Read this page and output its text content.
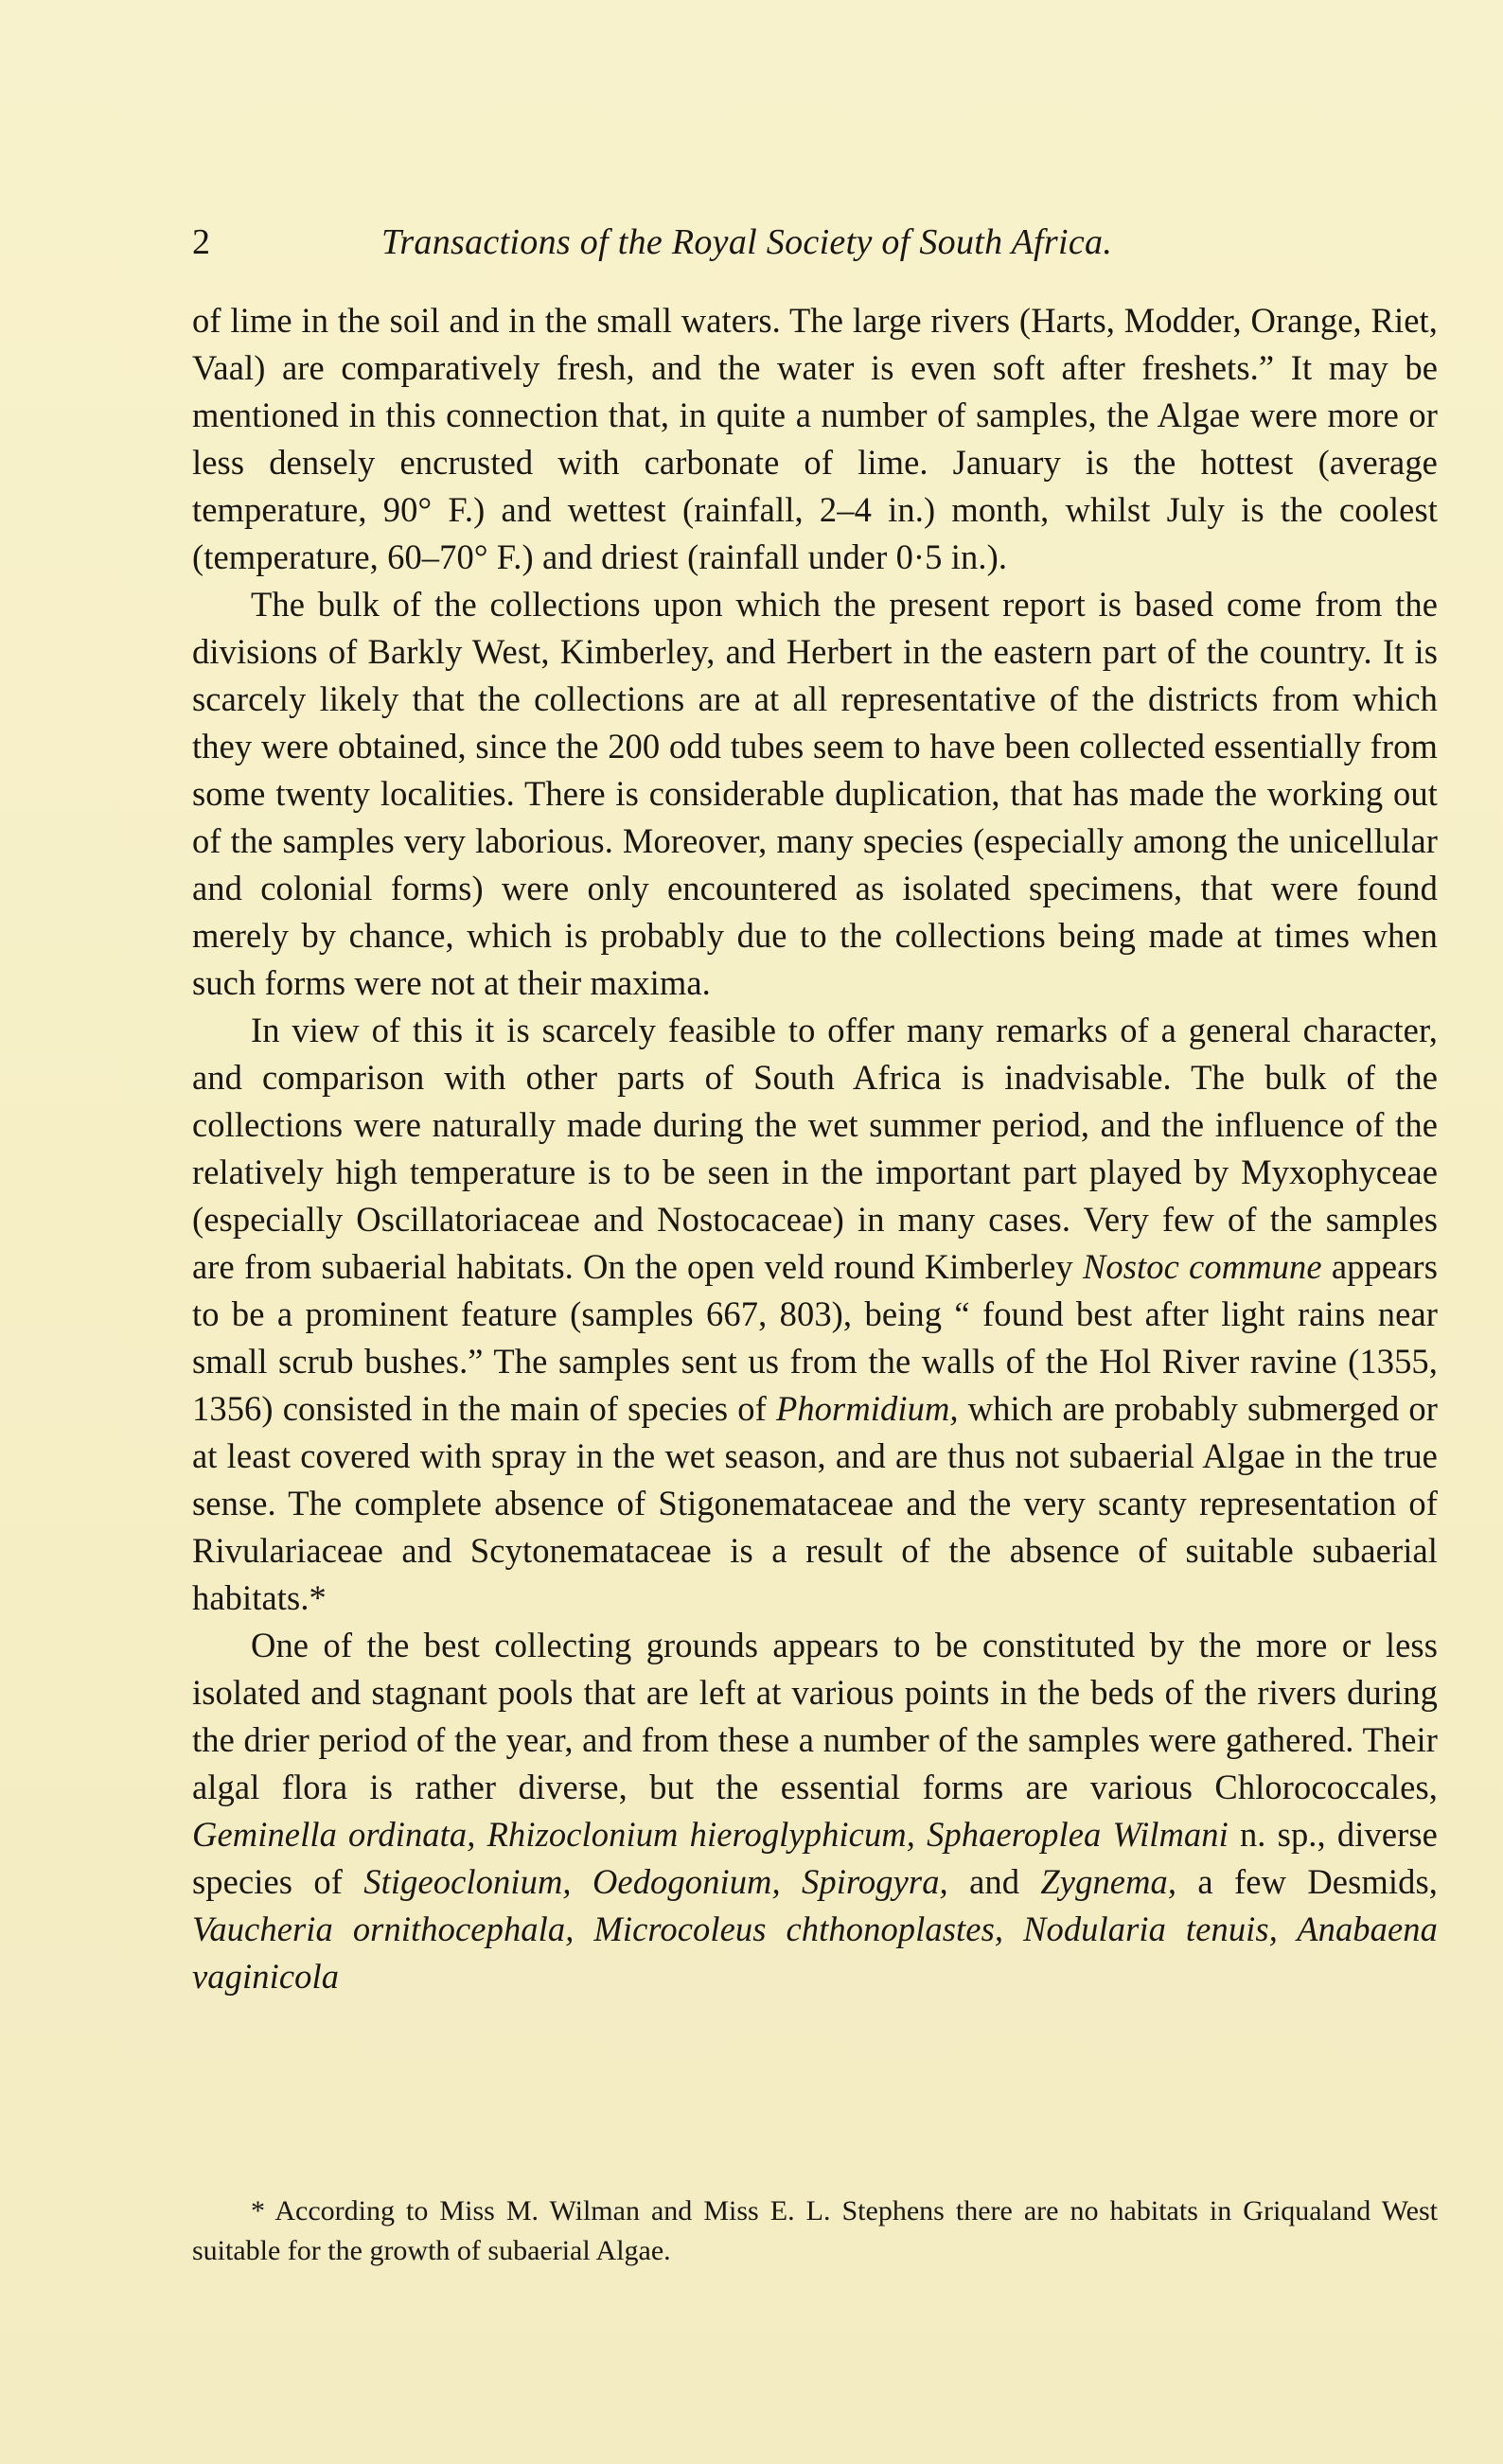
2	Transactions of the Royal Society of South Africa.

of lime in the soil and in the small waters. The large rivers (Harts, Modder, Orange, Riet, Vaal) are comparatively fresh, and the water is even soft after freshets.” It may be mentioned in this connection that, in quite a number of samples, the Algae were more or less densely encrusted with carbonate of lime. January is the hottest (average temperature, 90° F.) and wettest (rainfall, 2–4 in.) month, whilst July is the coolest (temperature, 60–70° F.) and driest (rainfall under 0·5 in.).

The bulk of the collections upon which the present report is based come from the divisions of Barkly West, Kimberley, and Herbert in the eastern part of the country. It is scarcely likely that the collections are at all representative of the districts from which they were obtained, since the 200 odd tubes seem to have been collected essentially from some twenty localities. There is considerable duplication, that has made the working out of the samples very laborious. Moreover, many species (especially among the unicellular and colonial forms) were only encountered as isolated specimens, that were found merely by chance, which is probably due to the collections being made at times when such forms were not at their maxima.

In view of this it is scarcely feasible to offer many remarks of a general character, and comparison with other parts of South Africa is inadvisable. The bulk of the collections were naturally made during the wet summer period, and the influence of the relatively high temperature is to be seen in the important part played by Myxophyceae (especially Oscillatoriaceae and Nostocaceae) in many cases. Very few of the samples are from subaerial habitats. On the open veld round Kimberley Nostoc commune appears to be a prominent feature (samples 667, 803), being “ found best after light rains near small scrub bushes.” The samples sent us from the walls of the Hol River ravine (1355, 1356) consisted in the main of species of Phormidium, which are probably submerged or at least covered with spray in the wet season, and are thus not subaerial Algae in the true sense. The complete absence of Stigonemataceae and the very scanty representation of Rivulariaceae and Scytonemataceae is a result of the absence of suitable subaerial habitats.*

One of the best collecting grounds appears to be constituted by the more or less isolated and stagnant pools that are left at various points in the beds of the rivers during the drier period of the year, and from these a number of the samples were gathered. Their algal flora is rather diverse, but the essential forms are various Chlorococcales, Geminella ordinata, Rhizoclonium hieroglyphicum, Sphaeroplea Wilmani n. sp., diverse species of Stigeoclonium, Oedogonium, Spirogyra, and Zygnema, a few Desmids, Vaucheria ornithocephala, Microcoleus chthonoplastes, Nodularia tenuis, Anabaena vaginicola

* According to Miss M. Wilman and Miss E. L. Stephens there are no habitats in Griqualand West suitable for the growth of subaerial Algae.
